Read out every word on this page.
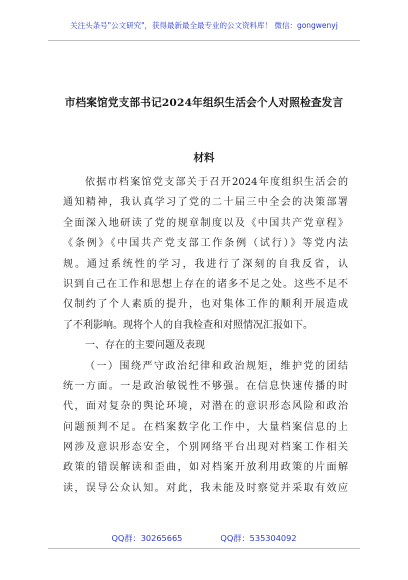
关注头条号"公文研究"，获得最新最全最专业的公文资料库！ 微信：gongwenyj
市档案馆党支部书记2024年组织生活会个人对照检查发言
材料
依据市档案馆党支部关于召开2024年度组织生活会的
通知精神，我认真学习了党的二十届三中全会的决策部署
全面深入地研读了党的规章制度以及《中国共产党章程》
《条例》《中国共产党支部工作条例（试行）》等党内法
规。通过系统性的学习，我进行了深刻的自我反省，认
识到自己在工作和思想上存在的诸多不足之处。这些不足不
仅制约了个人素质的提升，也对集体工作的顺利开展造成
了不利影响。现将个人的自我检查和对照情况汇报如下。
一、存在的主要问题及表现
（一）围绕严守政治纪律和政治规矩，维护党的团结
统一方面。一是政治敏锐性不够强。在信息快速传播的时
代，面对复杂的舆论环境，对潜在的意识形态风险和政治
问题预判不足。在档案数字化工作中，大量档案信息的上
网涉及意识形态安全，个别网络平台出现对档案工作相关
政策的错误解读和歪曲，如对档案开放利用政策的片面解
读，误导公众认知。对此，我未能及时察觉并采取有效应
QQ群：30265665	QQ群：535304092
